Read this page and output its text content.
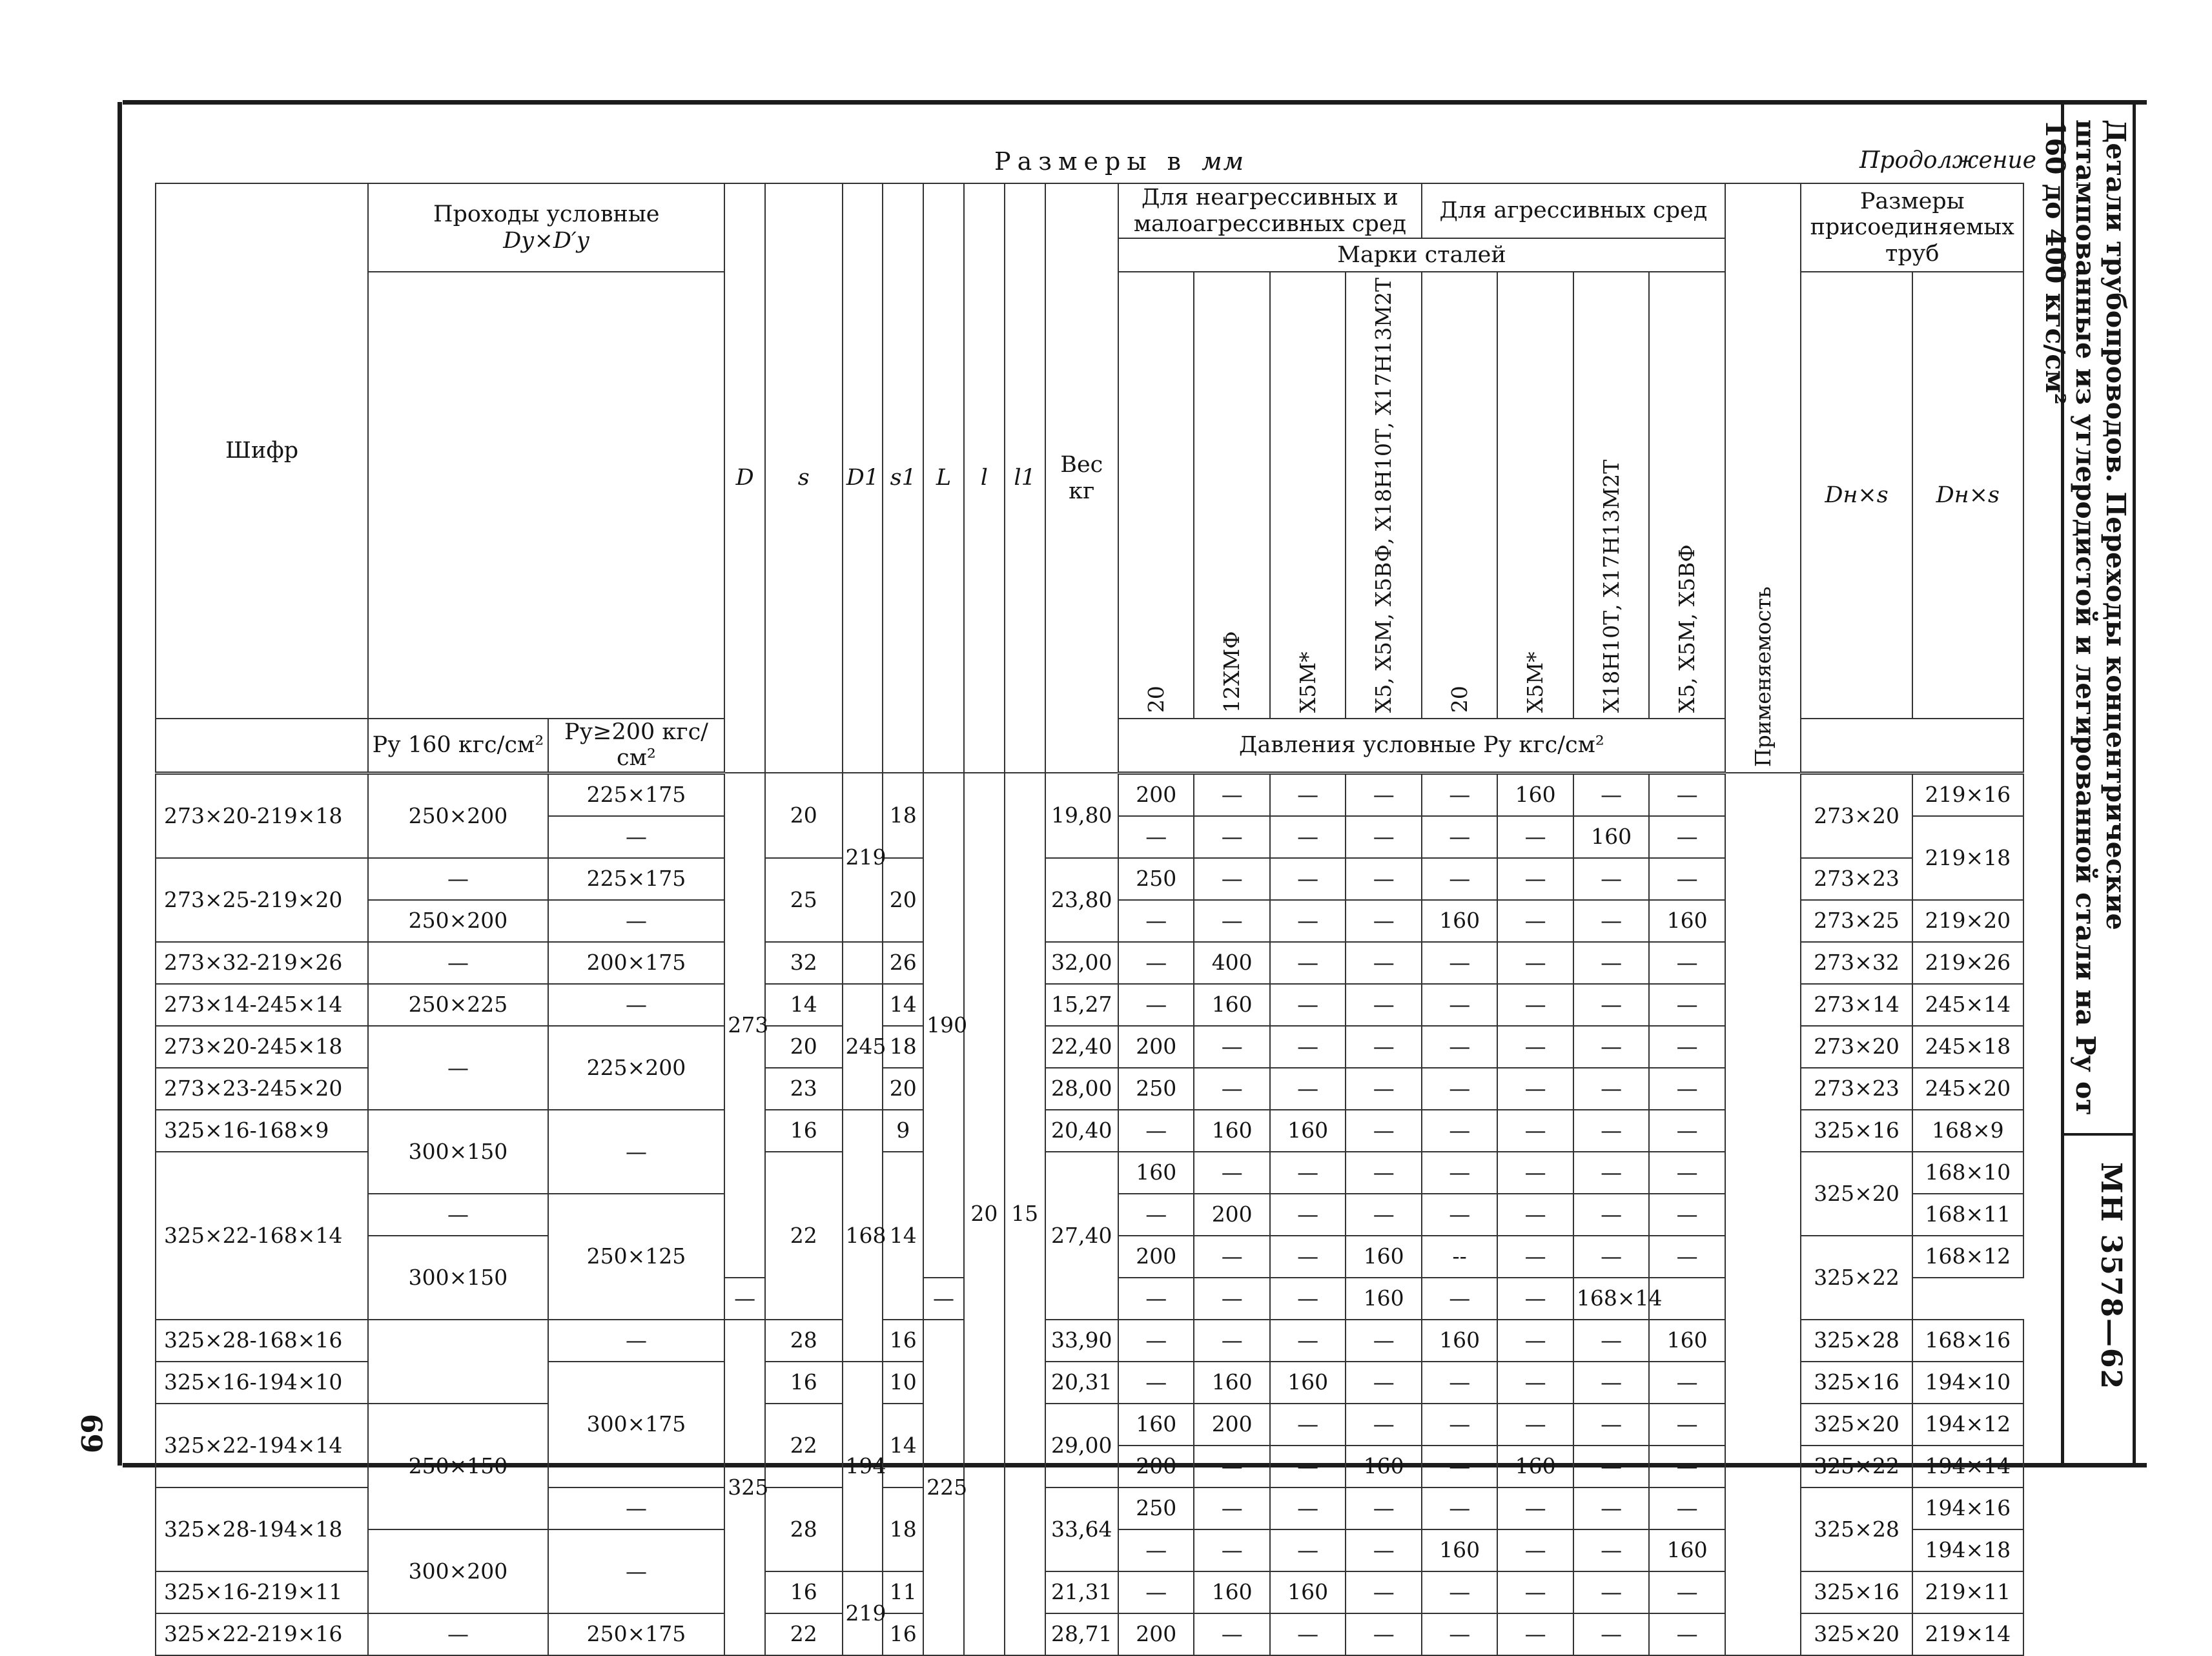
Размеры в мм	Продолжение	Детали трубопроводов. Переходы концентрические штампованные из углеродистой и легированной стали на Pу от 160 до 400 кгс/см²
МН 3578—62
69
Шифр	Проходы условные
Dу×D′у		D	s	D1	s1	L	l	l1	Вес кг	Для неагрессивных и малоагрессивных сред				Для агрессивных сред				Применяемость	Размеры присоединяемых труб	
											Марки сталей										
											20	12ХМФ	Х5М*	Х5, Х5М, Х5ВФ, Х18Н10Т, Х17Н13М2Т	20	Х5М*	Х18Н10Т, Х17Н13М2Т	Х5, Х5М, Х5ВФ		Dн×s	Dн×s
	Pу 160 кгс/см²	Pу≥200 кгс/см²									Давления условные Pу кгс/см²										
273×20-219×18	250×200	225×175	273	20	219	18	190	20	15	19,80	200	—	—	—	—	160	—	—		273×20	219×16
		—									—	—	—	—	—	—	160	—			219×18
273×25-219×20	—	225×175		25		20				23,80	250	—	—	—	—	—	—	—		273×23	
	250×200	—									—	—	—	—	160	—	—	160		273×25	219×20
273×32-219×26	—	200×175		32		26				32,00	—	400	—	—	—	—	—	—		273×32	219×26
273×14-245×14	250×225	—		14	245	14				15,27	—	160	—	—	—	—	—	—		273×14	245×14
273×20-245×18	—	225×200		20		18				22,40	200	—	—	—	—	—	—	—		273×20	245×18
273×23-245×20				23		20				28,00	250	—	—	—	—	—	—	—		273×23	245×20
325×16-168×9	300×150	—		16	168	9				20,40	—	160	160	—	—	—	—	—		325×16	168×9
325×22-168×14				22		14				27,40	160	—	—	—	—	—	—	—		325×20	168×10
	—	250×125									—	200	—	—	—	—	—	—			168×11
	300×150										200	—	—	160	--	—	—	—		325×22	168×12
			—				—				—	—	—	160	—	—	168×14				
325×28-168×16		—	325	28		16	225			33,90	—	—	—	—	160	—	—	160		325×28	168×16
325×16-194×10		300×175		16	194	10				20,31	—	160	160	—	—	—	—	—		325×16	194×10
325×22-194×14	250×150			22		14				29,00	160	200	—	—	—	—	—	—		325×20	194×12
											200	—	—	160	—	160	—	—		325×22	194×14
325×28-194×18		—		28		18				33,64	250	—	—	—	—	—	—	—		325×28	194×16
	300×200	—									—	—	—	—	160	—	—	160			194×18
325×16-219×11				16	219	11				21,31	—	160	160	—	—	—	—	—		325×16	219×11
325×22-219×16	—	250×175		22		16				28,71	200	—	—	—	—	—	—	—		325×20	219×14
